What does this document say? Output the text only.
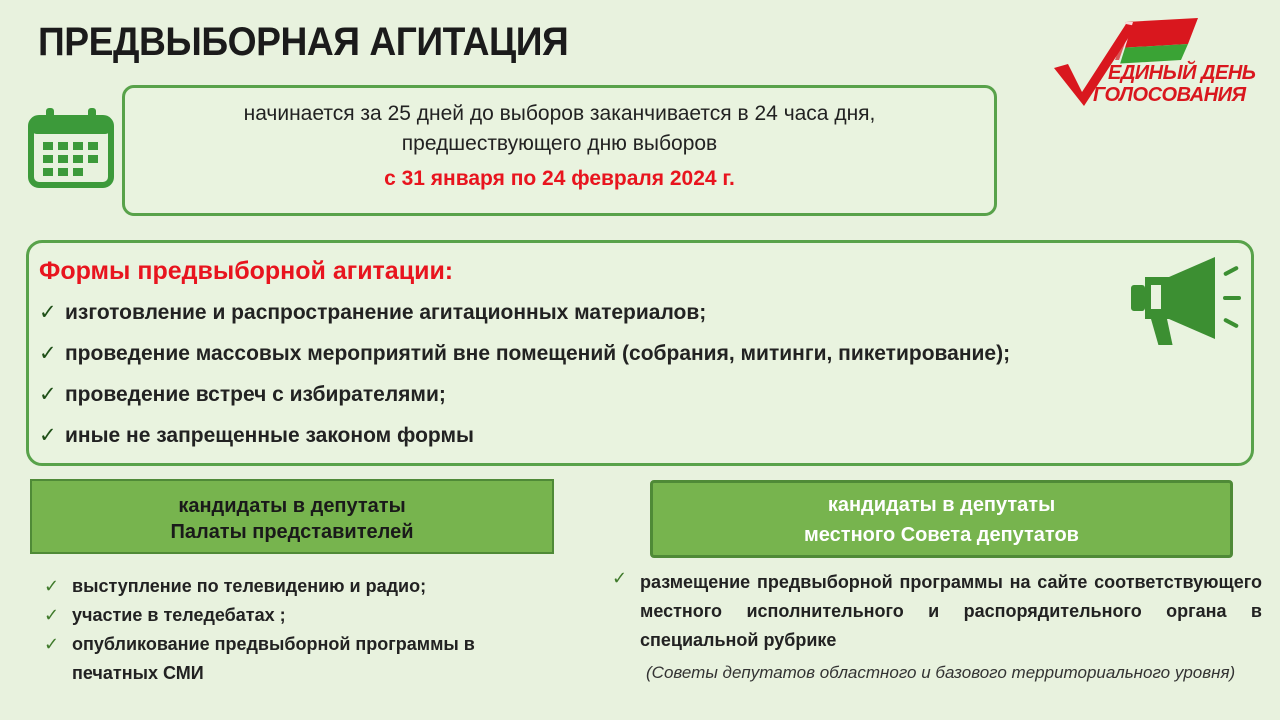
ПРЕДВЫБОРНАЯ АГИТАЦИЯ
ЕДИНЫЙ ДЕНЬ
ГОЛОСОВАНИЯ
начинается за 25 дней до выборов заканчивается в 24 часа дня,
предшествующего дню выборов
с 31 января по 24 февраля 2024 г.
Формы предвыборной агитации:
✓ изготовление и распространение агитационных материалов;
✓ проведение массовых мероприятий вне помещений (собрания, митинги, пикетирование);
✓ проведение встреч с избирателями;
✓ иные не запрещенные законом формы
кандидаты в депутаты
Палаты представителей
кандидаты в депутаты
местного Совета депутатов
✓ выступление по телевидению и радио;
✓ участие в теледебатах ;
✓ опубликование предвыборной программы в печатных СМИ
✓ размещение предвыборной программы на сайте соответствующего местного исполнительного и распорядительного органа в специальной рубрике
(Советы депутатов областного и базового территориального уровня)
